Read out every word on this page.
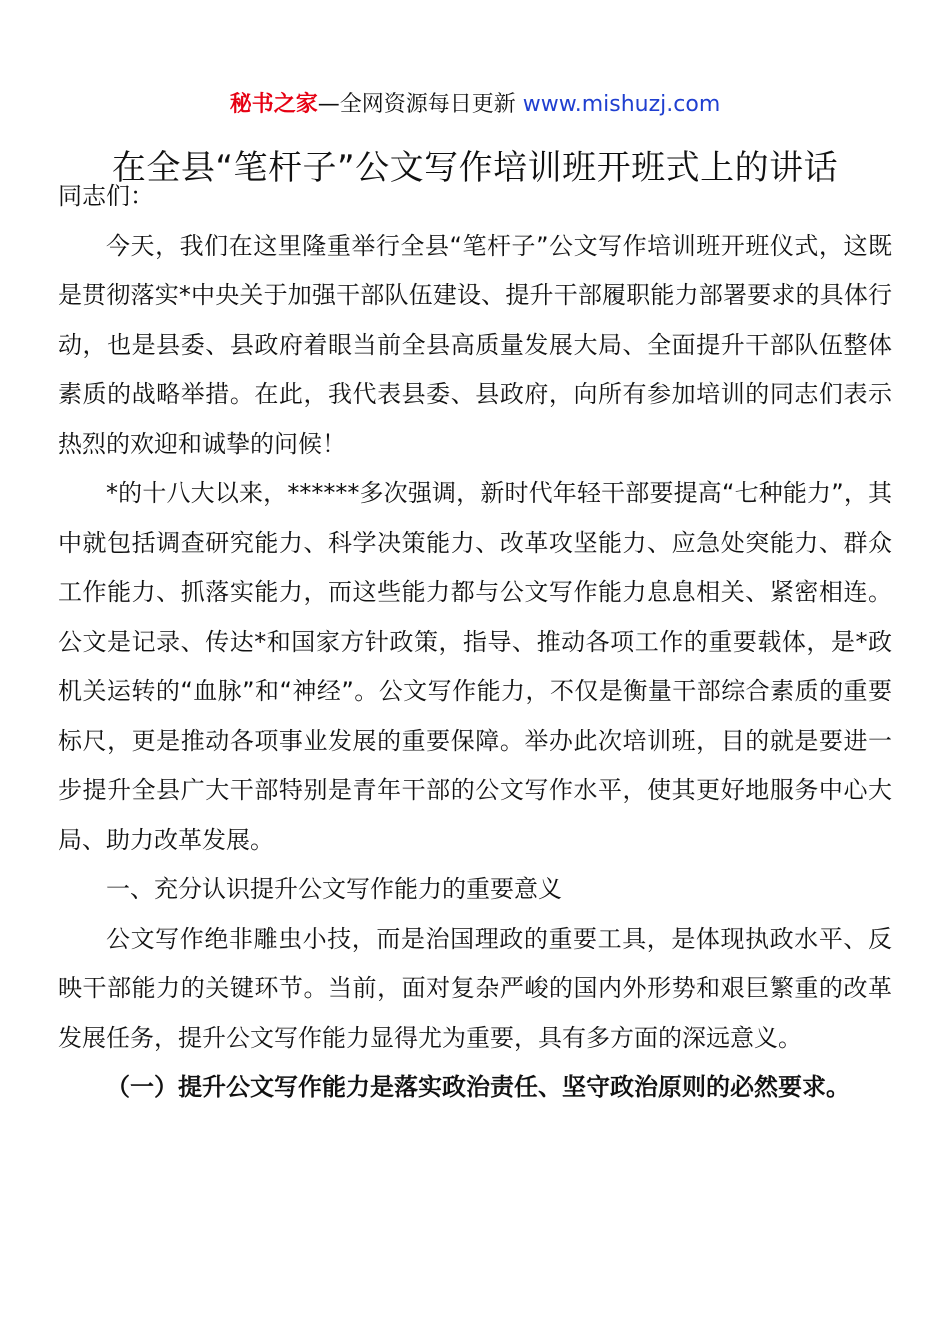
秘书之家—全网资源每日更新 www.mishuzj.com
在全县“笔杆子”公文写作培训班开班式上的讲话

同志们：

今天，我们在这里隆重举行全县“笔杆子”公文写作培训班开班仪式，这既是贯彻落实*中央关于加强干部队伍建设、提升干部履职能力部署要求的具体行动，也是县委、县政府着眼当前全县高质量发展大局、全面提升干部队伍整体素质的战略举措。在此，我代表县委、县政府，向所有参加培训的同志们表示热烈的欢迎和诚挚的问候！

*的十八大以来，******多次强调，新时代年轻干部要提高“七种能力”，其中就包括调查研究能力、科学决策能力、改革攻坚能力、应急处突能力、群众工作能力、抓落实能力，而这些能力都与公文写作能力息息相关、紧密相连。公文是记录、传达*和国家方针政策，指导、推动各项工作的重要载体，是*政机关运转的“血脉”和“神经”。公文写作能力，不仅是衡量干部综合素质的重要标尺，更是推动各项事业发展的重要保障。举办此次培训班，目的就是要进一步提升全县广大干部特别是青年干部的公文写作水平，使其更好地服务中心大局、助力改革发展。

一、充分认识提升公文写作能力的重要意义

公文写作绝非雕虫小技，而是治国理政的重要工具，是体现执政水平、反映干部能力的关键环节。当前，面对复杂严峻的国内外形势和艰巨繁重的改革发展任务，提升公文写作能力显得尤为重要，具有多方面的深远意义。

（一）提升公文写作能力是落实政治责任、坚守政治原则的必然要求。
